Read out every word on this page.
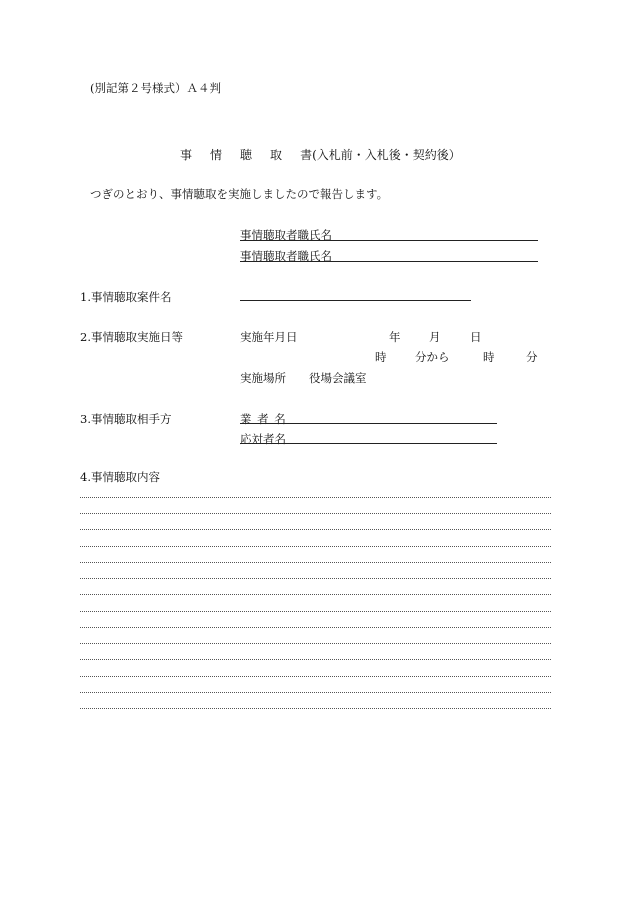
(別記第２号様式）Ａ４判
事 情 聴 取 書(入札前・入札後・契約後）
つぎのとおり、事情聴取を実施しましたので報告します。
事情聴取者職氏名
事情聴取者職氏名
1.事情聴取案件名
2.事情聴取実施日等	実施年月日	年 月	日
時 分から	時	分
実施場所 役場会議室
3.事情聴取相手方	業 者 名
応対者名
4.事情聴取内容
